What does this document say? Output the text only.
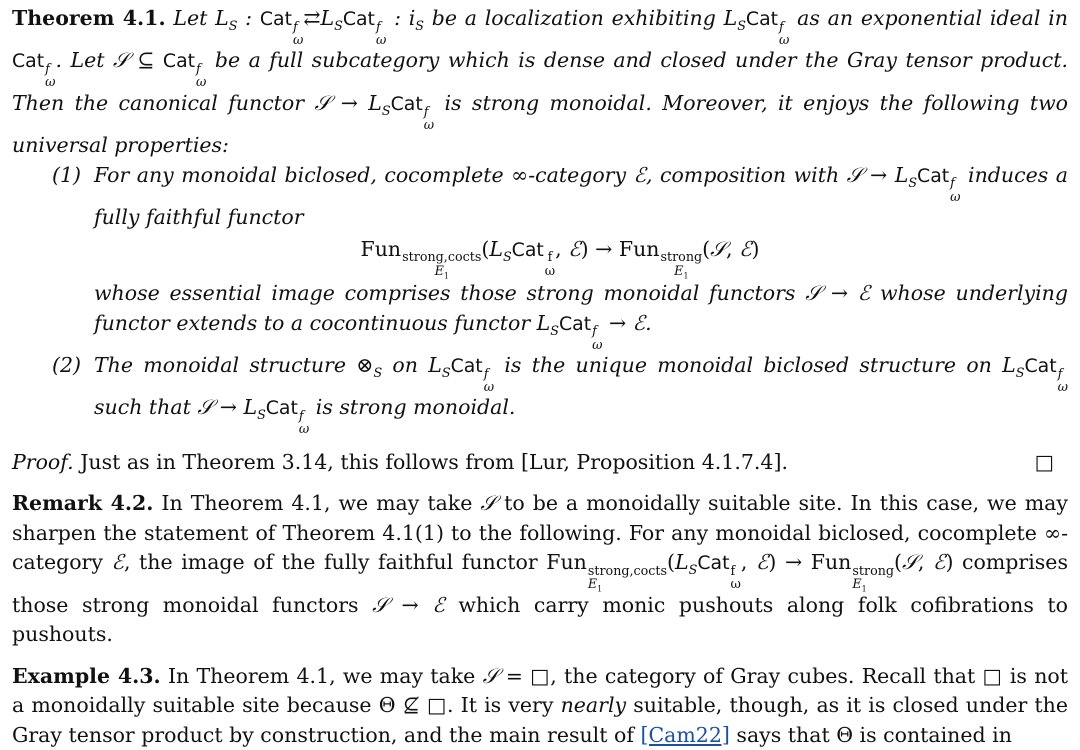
Theorem 4.1. Let $L_S$ : Cat f
ω
$⇄L_SCat$ f
ω
: $i_S$ be a localization exhibiting $L_SCat$ f
ω
as an exponential ideal in Cat f
ω
. Let 𝒮 ⊆ Cat f
ω
be a full subcategory which is dense and closed under the Gray tensor product. Then the canonical functor 𝒮 → $L_SCat$ f
ω
is strong monoidal. Moreover, it enjoys the following two universal properties:

(1) For any monoidal biclosed, cocomplete ∞-category ℰ, composition with 𝒮 → $L_SCat$ f
ω
induces a fully faithful functor
Fun strong,cocts
$E_1$
($L_SCat$ f
ω
, ℰ) → Fun strong
$E_1$
(𝒮, ℰ)
whose essential image comprises those strong monoidal functors 𝒮 → ℰ whose underlying functor extends to a cocontinuous functor $L_SCat$ f
ω
→ ℰ.
(2) The monoidal structure $\otimes_S$ on $L_SCat$ f
ω
is the unique monoidal biclosed structure on $L_SCat$ f
ω
such that 𝒮 → $L_SCat$ f
ω
is strong monoidal.

Proof. Just as in Theorem 3.14, this follows from [Lur, Proposition 4.1.7.4].	□

Remark 4.2. In Theorem 4.1, we may take 𝒮 to be a monoidally suitable site. In this case, we may sharpen the statement of Theorem 4.1(1) to the following. For any monoidal biclosed, cocomplete ∞-category ℰ, the image of the fully faithful functor Fun strong,cocts
$E_1$
($L_SCat$ f
ω
, ℰ) → Fun strong
$E_1$
(𝒮, ℰ) comprises those strong monoidal functors 𝒮 → ℰ which carry monic pushouts along folk cofibrations to pushouts.

Example 4.3. In Theorem 4.1, we may take 𝒮 = □, the category of Gray cubes. Recall that □ is not a monoidally suitable site because Θ ⊈ □. It is very nearly suitable, though, as it is closed under the Gray tensor product by construction, and the main result of [Cam22] says that Θ is contained in
